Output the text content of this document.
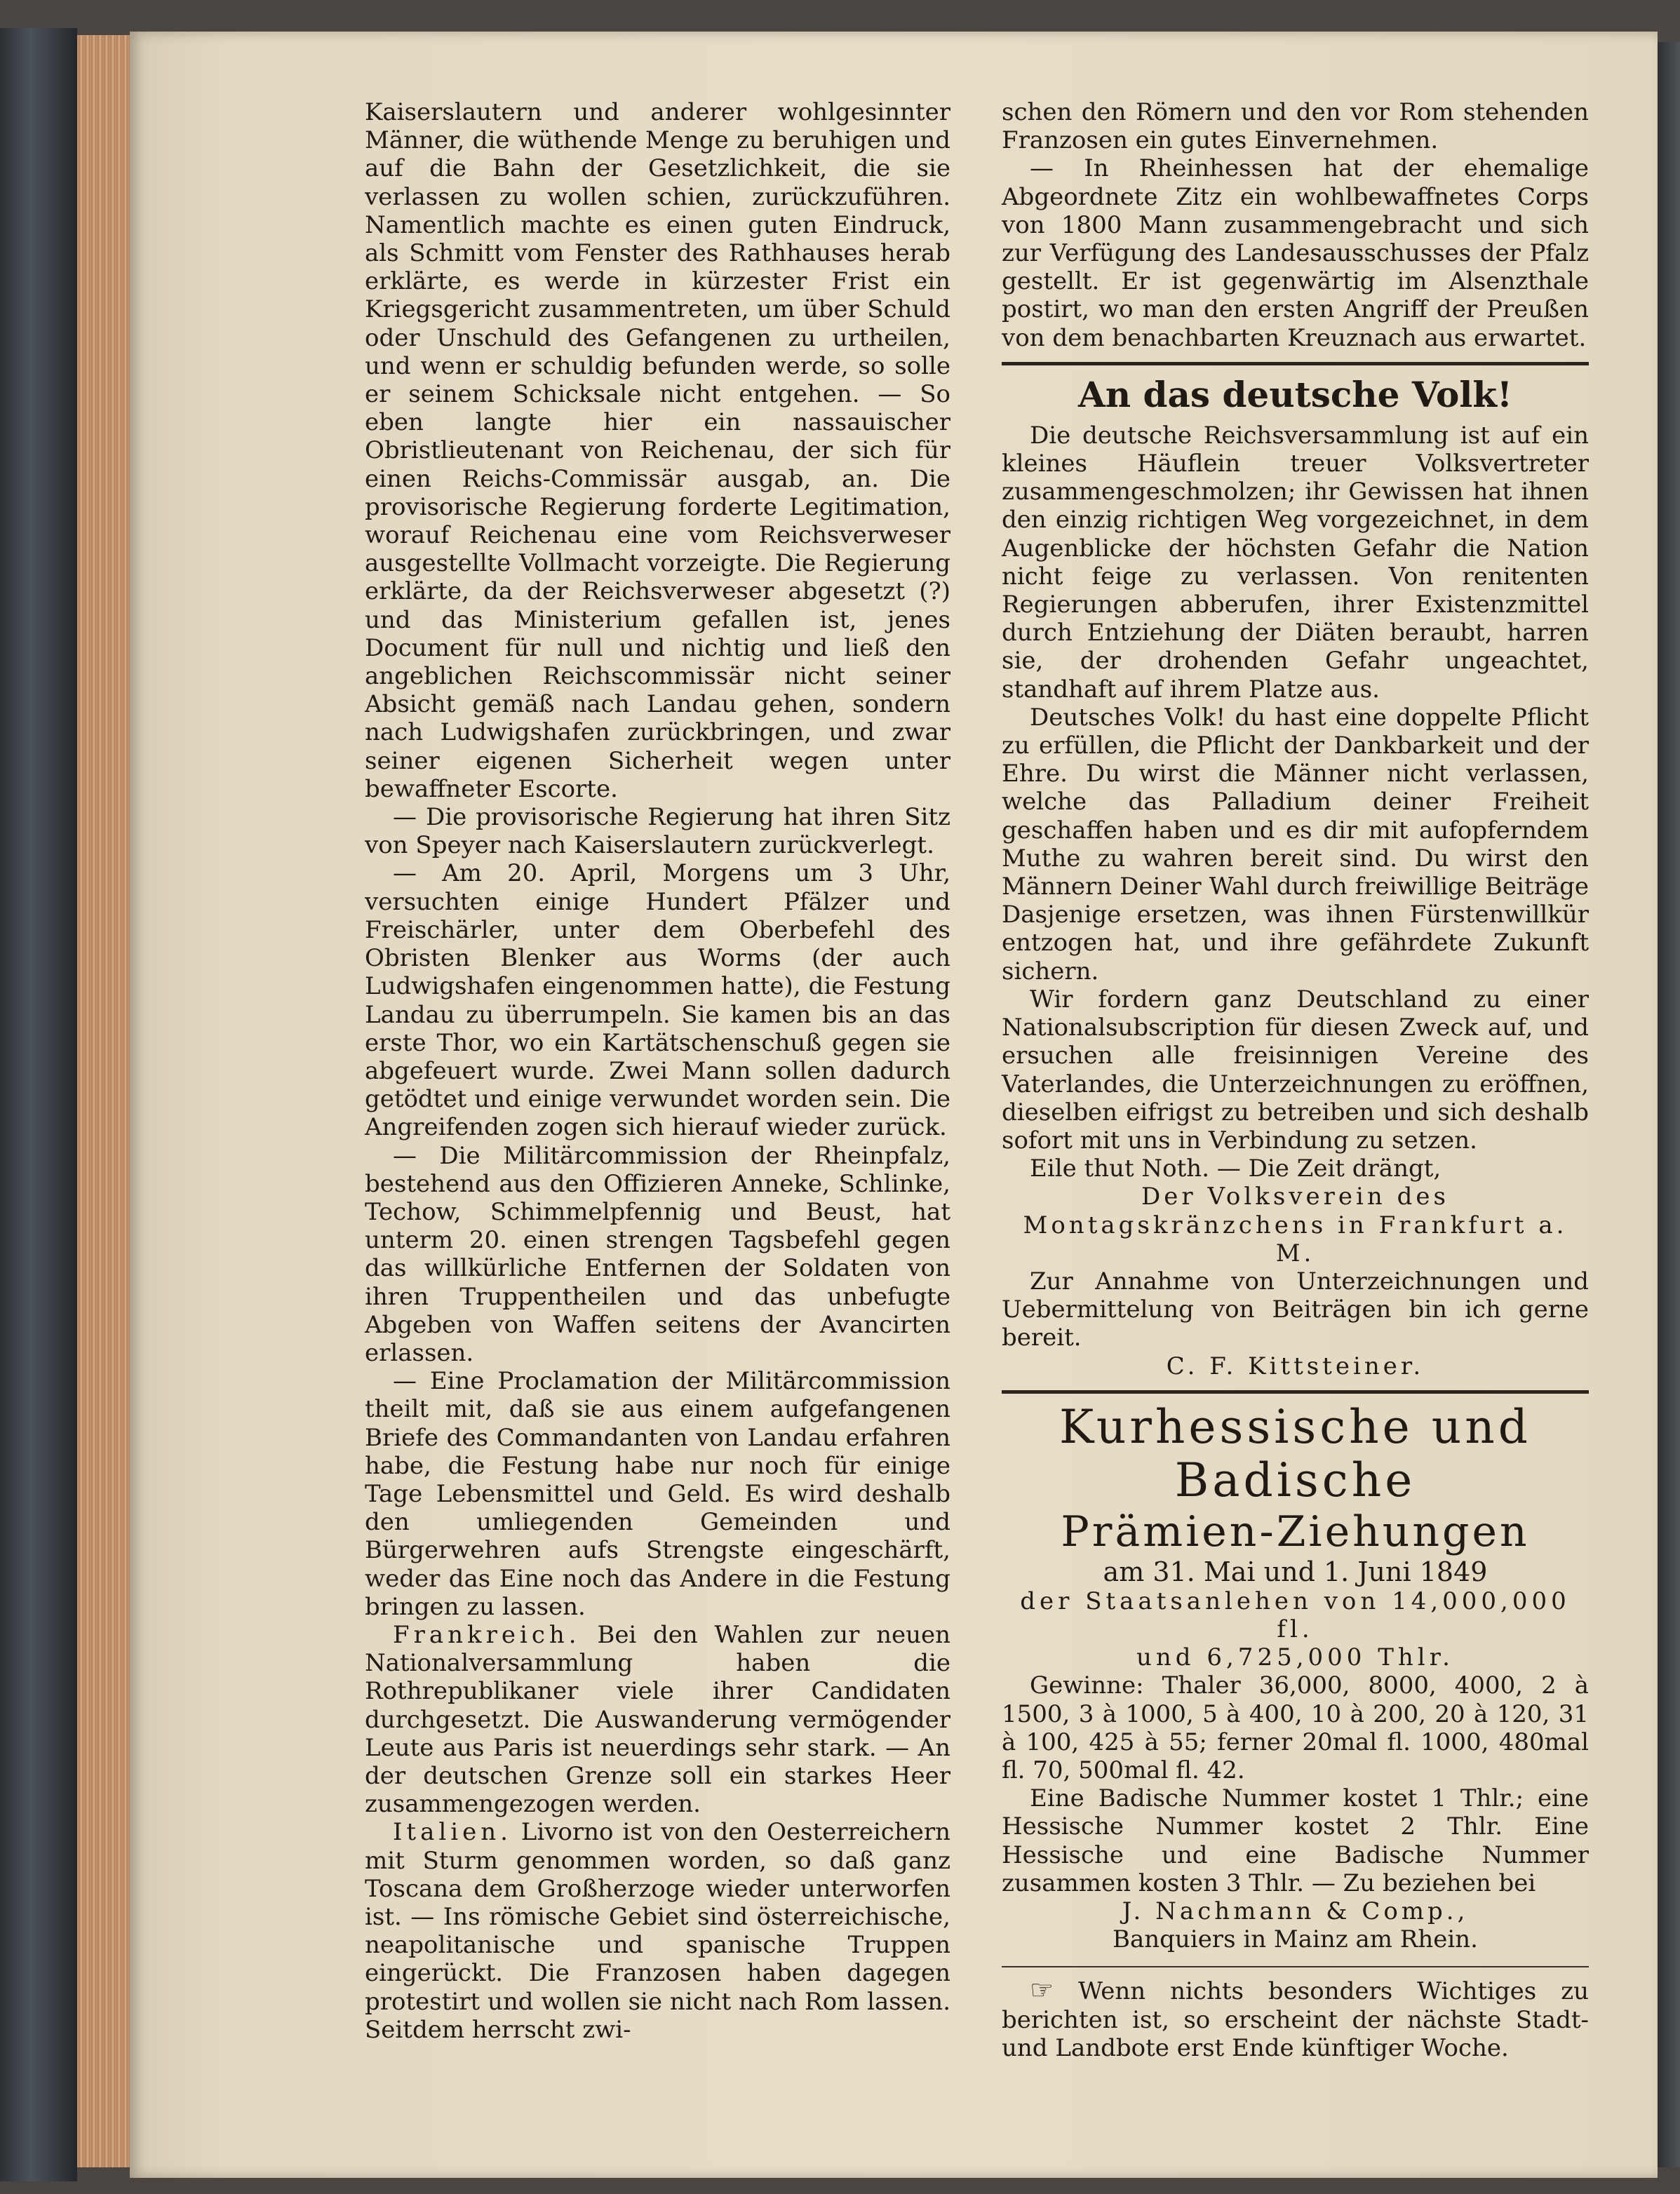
Kaiserslautern und anderer wohlgesinnter Männer, die wüthende Menge zu beruhigen und auf die Bahn der Gesetzlichkeit, die sie verlassen zu wollen schien, zurückzuführen. Namentlich machte es einen guten Eindruck, als Schmitt vom Fenster des Rathhauses herab erklärte, es werde in kürzester Frist ein Kriegsgericht zusammentreten, um über Schuld oder Unschuld des Gefangenen zu urtheilen, und wenn er schuldig befunden werde, so solle er seinem Schicksale nicht entgehen. — So eben langte hier ein nassauischer Obristlieutenant von Reichenau, der sich für einen Reichs-Commissär ausgab, an. Die provisorische Regierung forderte Legitimation, worauf Reichenau eine vom Reichsverweser ausgestellte Vollmacht vorzeigte. Die Regierung erklärte, da der Reichsverweser abgesetzt (?) und das Ministerium gefallen ist, jenes Document für null und nichtig und ließ den angeblichen Reichscommissär nicht seiner Absicht gemäß nach Landau gehen, sondern nach Ludwigshafen zurückbringen, und zwar seiner eigenen Sicherheit wegen unter bewaffneter Escorte.

— Die provisorische Regierung hat ihren Sitz von Speyer nach Kaiserslautern zurückverlegt.

— Am 20. April, Morgens um 3 Uhr, versuchten einige Hundert Pfälzer und Freischärler, unter dem Oberbefehl des Obristen Blenker aus Worms (der auch Ludwigshafen eingenommen hatte), die Festung Landau zu überrumpeln. Sie kamen bis an das erste Thor, wo ein Kartätschenschuß gegen sie abgefeuert wurde. Zwei Mann sollen dadurch getödtet und einige verwundet worden sein. Die Angreifenden zogen sich hierauf wieder zurück.

— Die Militärcommission der Rheinpfalz, bestehend aus den Offizieren Anneke, Schlinke, Techow, Schimmelpfennig und Beust, hat unterm 20. einen strengen Tagsbefehl gegen das willkürliche Entfernen der Soldaten von ihren Truppentheilen und das unbefugte Abgeben von Waffen seitens der Avancirten erlassen.

— Eine Proclamation der Militärcommission theilt mit, daß sie aus einem aufgefangenen Briefe des Commandanten von Landau erfahren habe, die Festung habe nur noch für einige Tage Lebensmittel und Geld. Es wird deshalb den umliegenden Gemeinden und Bürgerwehren aufs Strengste eingeschärft, weder das Eine noch das Andere in die Festung bringen zu lassen.

Frankreich. Bei den Wahlen zur neuen Nationalversammlung haben die Rothrepublikaner viele ihrer Candidaten durchgesetzt. Die Auswanderung vermögender Leute aus Paris ist neuerdings sehr stark. — An der deutschen Grenze soll ein starkes Heer zusammengezogen werden.

Italien. Livorno ist von den Oesterreichern mit Sturm genommen worden, so daß ganz Toscana dem Großherzoge wieder unterworfen ist. — Ins römische Gebiet sind österreichische, neapolitanische und spanische Truppen eingerückt. Die Franzosen haben dagegen protestirt und wollen sie nicht nach Rom lassen. Seitdem herrscht zwi-

schen den Römern und den vor Rom stehenden Franzosen ein gutes Einvernehmen.

— In Rheinhessen hat der ehemalige Abgeordnete Zitz ein wohlbewaffnetes Corps von 1800 Mann zusammengebracht und sich zur Verfügung des Landesausschusses der Pfalz gestellt. Er ist gegenwärtig im Alsenzthale postirt, wo man den ersten Angriff der Preußen von dem benachbarten Kreuznach aus erwartet.

An das deutsche Volk!

Die deutsche Reichsversammlung ist auf ein kleines Häuflein treuer Volksvertreter zusammengeschmolzen; ihr Gewissen hat ihnen den einzig richtigen Weg vorgezeichnet, in dem Augenblicke der höchsten Gefahr die Nation nicht feige zu verlassen. Von renitenten Regierungen abberufen, ihrer Existenzmittel durch Entziehung der Diäten beraubt, harren sie, der drohenden Gefahr ungeachtet, standhaft auf ihrem Platze aus.

Deutsches Volk! du hast eine doppelte Pflicht zu erfüllen, die Pflicht der Dankbarkeit und der Ehre. Du wirst die Männer nicht verlassen, welche das Palladium deiner Freiheit geschaffen haben und es dir mit aufopferndem Muthe zu wahren bereit sind. Du wirst den Männern Deiner Wahl durch freiwillige Beiträge Dasjenige ersetzen, was ihnen Fürstenwillkür entzogen hat, und ihre gefährdete Zukunft sichern.

Wir fordern ganz Deutschland zu einer Nationalsubscription für diesen Zweck auf, und ersuchen alle freisinnigen Vereine des Vaterlandes, die Unterzeichnungen zu eröffnen, dieselben eifrigst zu betreiben und sich deshalb sofort mit uns in Verbindung zu setzen.

Eile thut Noth. — Die Zeit drängt,

Der Volksverein des Montagskränzchens in Frankfurt a. M.

Zur Annahme von Unterzeichnungen und Uebermittelung von Beiträgen bin ich gerne bereit.

C. F. Kittsteiner.

Kurhessische und Badische
Prämien-Ziehungen

am 31. Mai und 1. Juni 1849

der Staatsanlehen von 14,000,000 fl.

und 6,725,000 Thlr.

Gewinne: Thaler 36,000, 8000, 4000, 2 à 1500, 3 à 1000, 5 à 400, 10 à 200, 20 à 120, 31 à 100, 425 à 55; ferner 20mal fl. 1000, 480mal fl. 70, 500mal fl. 42.

Eine Badische Nummer kostet 1 Thlr.; eine Hessische Nummer kostet 2 Thlr. Eine Hessische und eine Badische Nummer zusammen kosten 3 Thlr. — Zu beziehen bei

J. Nachmann & Comp.,

Banquiers in Mainz am Rhein.

☞ Wenn nichts besonders Wichtiges zu berichten ist, so erscheint der nächste Stadt- und Landbote erst Ende künftiger Woche.
